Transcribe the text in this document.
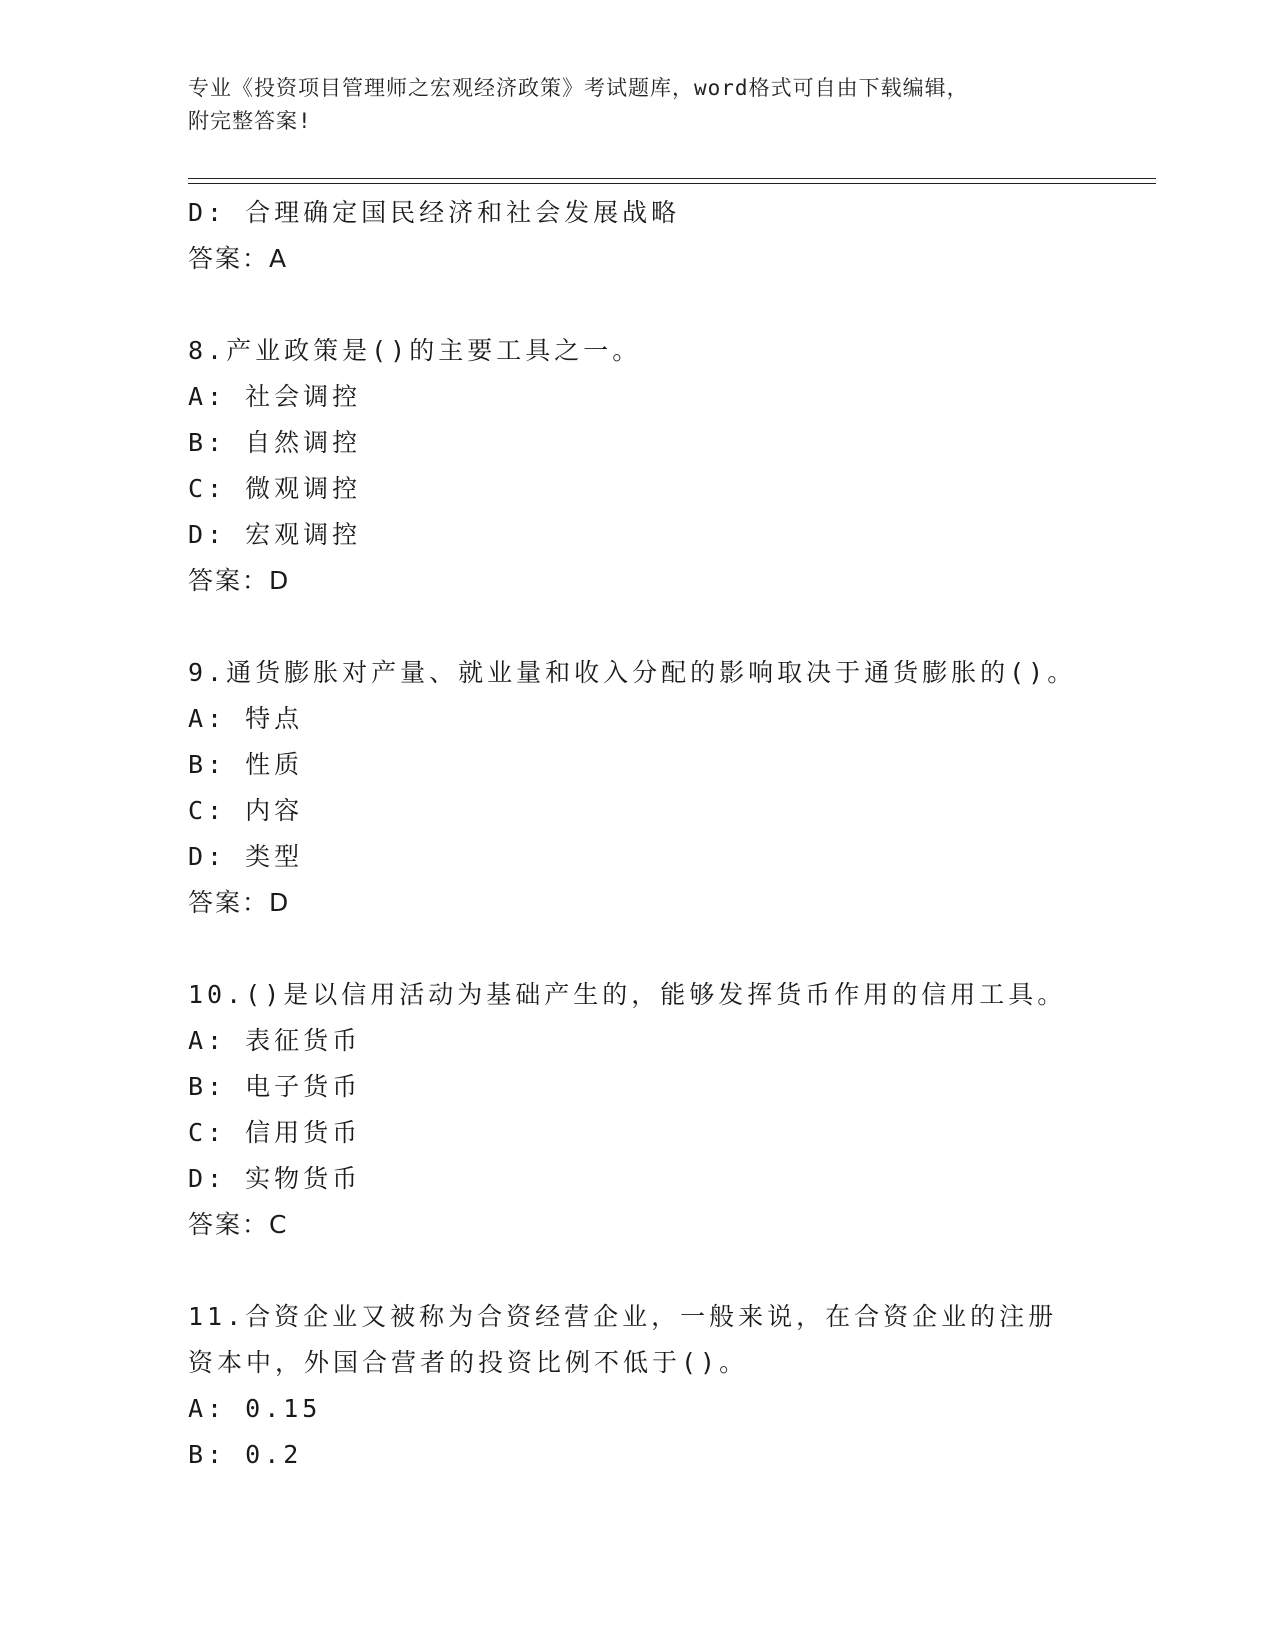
专业《投资项目管理师之宏观经济政策》考试题库，word格式可自由下载编辑，
附完整答案!
D: 合理确定国民经济和社会发展战略
答案：A
8.产业政策是()的主要工具之一。
A: 社会调控
B: 自然调控
C: 微观调控
D: 宏观调控
答案：D
9.通货膨胀对产量、就业量和收入分配的影响取决于通货膨胀的()。
A: 特点
B: 性质
C: 内容
D: 类型
答案：D
10.()是以信用活动为基础产生的，能够发挥货币作用的信用工具。
A: 表征货币
B: 电子货币
C: 信用货币
D: 实物货币
答案：C
11.合资企业又被称为合资经营企业，一般来说，在合资企业的注册资本中，外国合营者的投资比例不低于()。
A: 0.15
B: 0.2
